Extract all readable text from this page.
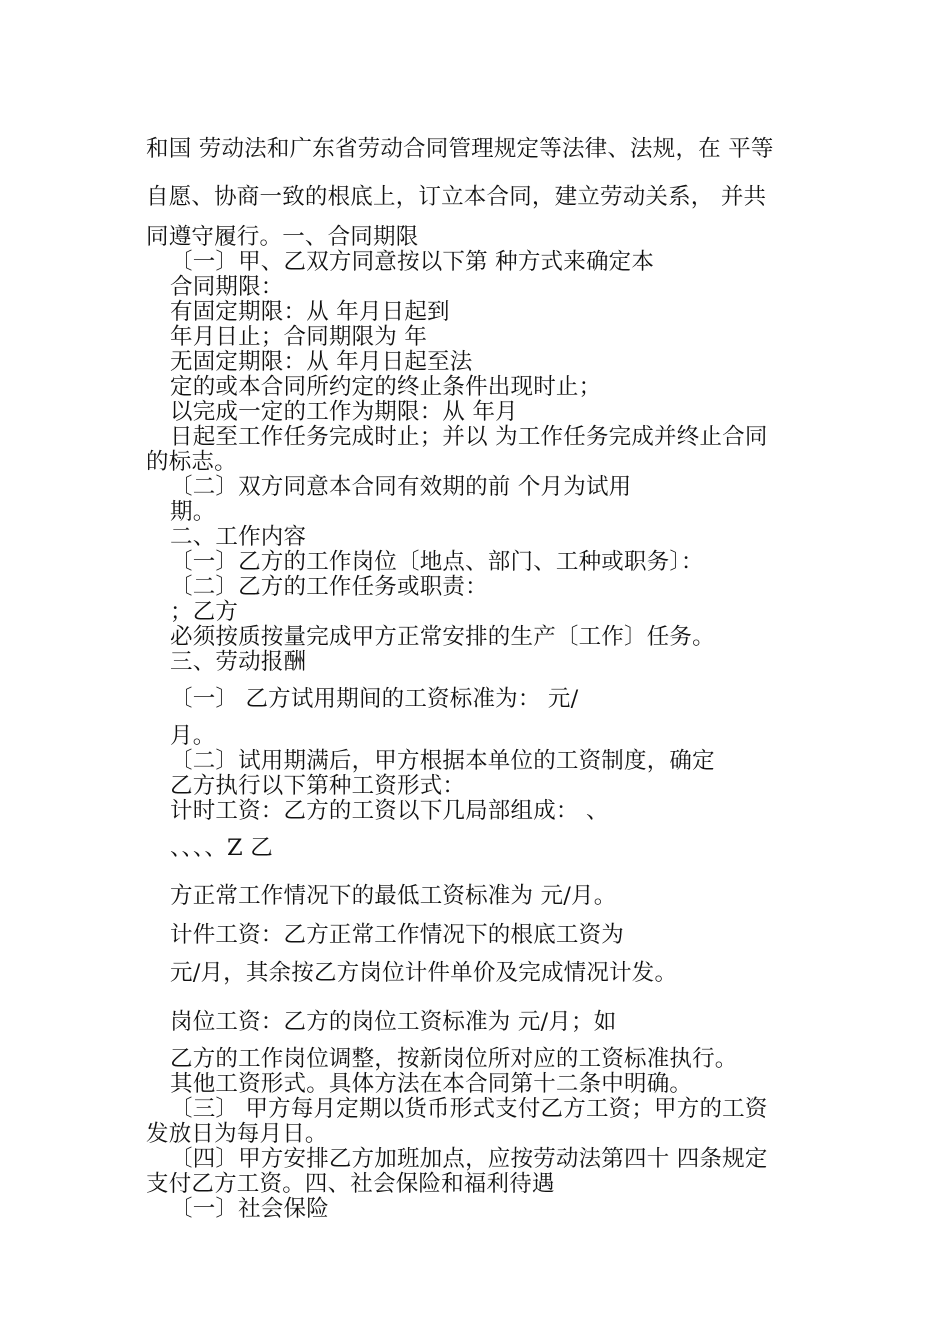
和国 劳动法和广东省劳动合同管理规定等法律、法规，在 平等
自愿、协商一致的根底上，订立本合同，建立劳动关系， 并共
同遵守履行。一、合同期限
〔一〕甲、乙双方同意按以下第 种方式来确定本
合同期限：
有固定期限：从 年月日起到
年月日止；合同期限为 年
无固定期限：从 年月日起至法
定的或本合同所约定的终止条件出现时止；
以完成一定的工作为期限：从 年月
日起至工作任务完成时止；并以 为工作任务完成并终止合同
的标志。
〔二〕双方同意本合同有效期的前 个月为试用
期。
二、工作内容
〔一〕乙方的工作岗位〔地点、部门、工种或职务〕：
〔二〕乙方的工作任务或职责：
；乙方
必须按质按量完成甲方正常安排的生产〔工作〕任务。
三、劳动报酬
〔一〕 乙方试用期间的工资标准为： 元/
月。
〔二〕试用期满后，甲方根据本单位的工资制度，确定
乙方执行以下第种工资形式：
计时工资：乙方的工资以下几局部组成： 、
、、、、Z 乙
方正常工作情况下的最低工资标准为 元/月。
计件工资：乙方正常工作情况下的根底工资为
元/月，其余按乙方岗位计件单价及完成情况计发。
岗位工资：乙方的岗位工资标准为 元/月；如
乙方的工作岗位调整，按新岗位所对应的工资标准执行。
其他工资形式。具体方法在本合同第十二条中明确。
〔三〕 甲方每月定期以货币形式支付乙方工资；甲方的工资
发放日为每月日。
〔四〕甲方安排乙方加班加点，应按劳动法第四十 四条规定
支付乙方工资。四、社会保险和福利待遇
〔一〕社会保险
